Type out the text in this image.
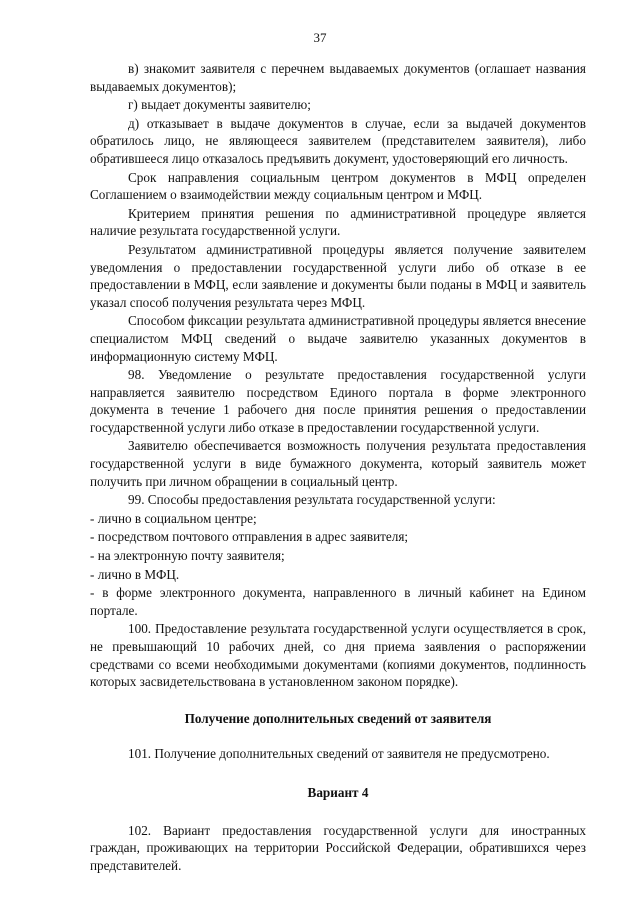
37

в) знакомит заявителя с перечнем выдаваемых документов (оглашает названия выдаваемых документов);

г) выдает документы заявителю;

д) отказывает в выдаче документов в случае, если за выдачей документов обратилось лицо, не являющееся заявителем (представителем заявителя), либо обратившееся лицо отказалось предъявить документ, удостоверяющий его личность.

Срок направления социальным центром документов в МФЦ определен Соглашением о взаимодействии между социальным центром и МФЦ.

Критерием принятия решения по административной процедуре является наличие результата государственной услуги.

Результатом административной процедуры является получение заявителем уведомления о предоставлении государственной услуги либо об отказе в ее предоставлении в МФЦ, если заявление и документы были поданы в МФЦ и заявитель указал способ получения результата через МФЦ.

Способом фиксации результата административной процедуры является внесение специалистом МФЦ сведений о выдаче заявителю указанных документов в информационную систему МФЦ.

98. Уведомление о результате предоставления государственной услуги направляется заявителю посредством Единого портала в форме электронного документа в течение 1 рабочего дня после принятия решения о предоставлении государственной услуги либо отказе в предоставлении государственной услуги.

Заявителю обеспечивается возможность получения результата предоставления государственной услуги в виде бумажного документа, который заявитель может получить при личном обращении в социальный центр.

99. Способы предоставления результата государственной услуги:

- лично в социальном центре;

- посредством почтового отправления в адрес заявителя;

- на электронную почту заявителя;

- лично в МФЦ.

- в форме электронного документа, направленного в личный кабинет на Едином портале.

100. Предоставление результата государственной услуги осуществляется в срок, не превышающий 10 рабочих дней, со дня приема заявления о распоряжении средствами со всеми необходимыми документами (копиями документов, подлинность которых засвидетельствована в установленном законом порядке).

Получение дополнительных сведений от заявителя

101. Получение дополнительных сведений от заявителя не предусмотрено.

Вариант 4

102. Вариант предоставления государственной услуги для иностранных граждан, проживающих на территории Российской Федерации, обратившихся через представителей.
